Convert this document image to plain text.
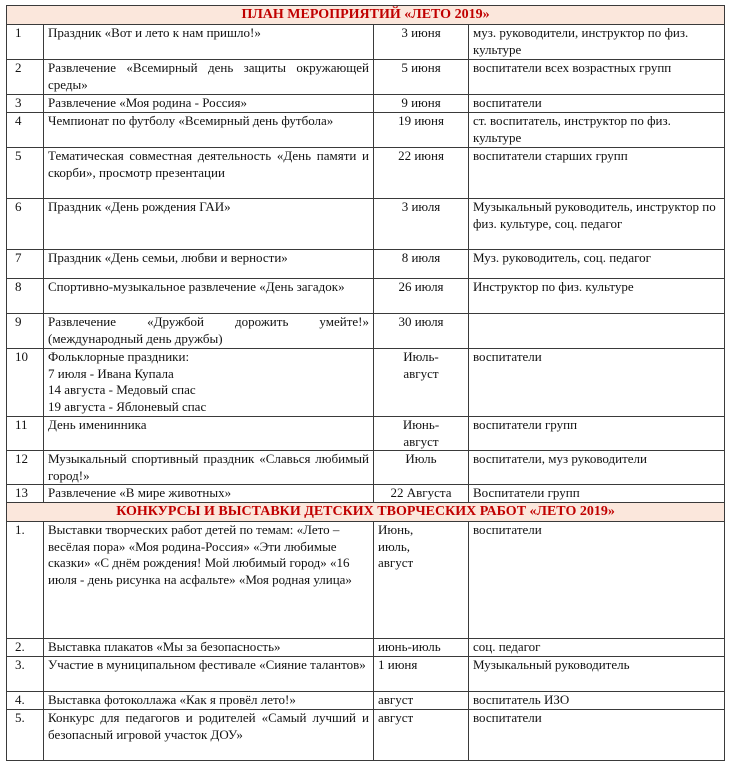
ПЛАН МЕРОПРИЯТИЙ «ЛЕТО 2019»			
1	Праздник «Вот и лето к нам пришло!»	3 июня	муз. руководители, инструктор по физ. культуре
2	Развлечение «Всемирный день защиты окружающей среды»	5 июня	воспитатели всех возрастных групп
3	Развлечение «Моя родина - Россия»	9 июня	воспитатели
4	Чемпионат по футболу «Всемирный день футбола»	19 июня	ст. воспитатель, инструктор по физ. культуре
5	Тематическая совместная деятельность «День памяти и скорби», просмотр презентации	22 июня	воспитатели старших групп
6	Праздник «День рождения ГАИ»	3 июля	Музыкальный руководитель, инструктор по физ. культуре, соц. педагог
7	Праздник «День семьи, любви и верности»	8 июля	Муз. руководитель, соц. педагог
8	Спортивно-музыкальное развлечение «День загадок»	26 июля	Инструктор по физ. культуре
9	Развлечение «Дружбой дорожить умейте!» (международный день дружбы)	30 июля	
10	Фольклорные праздники:
7 июля - Ивана Купала
14 августа - Медовый спас
19 августа - Яблоневый спас	Июль-август	воспитатели
11	День именинника	Июнь-август	воспитатели групп
12	Музыкальный спортивный праздник «Славься любимый город!»	Июль	воспитатели, муз руководители
13	Развлечение «В мире животных»	22 Августа	Воспитатели групп
КОНКУРСЫ И ВЫСТАВКИ ДЕТСКИХ ТВОРЧЕСКИХ РАБОТ «ЛЕТО 2019»			
1.	Выставки творческих работ детей по темам: «Лето – весёлая пора» «Моя родина-Россия» «Эти любимые сказки» «С днём рождения! Мой любимый город» «16 июля - день рисунка на асфальте» «Моя родная улица»	Июнь, июль, август	воспитатели
2.	Выставка плакатов «Мы за безопасность»	июнь-июль	соц. педагог
3.	Участие в муниципальном фестивале «Сияние талантов»	1 июня	Музыкальный руководитель
4.	Выставка фотоколлажа «Как я провёл лето!»	август	воспитатель ИЗО
5.	Конкурс для педагогов и родителей «Самый лучший и безопасный игровой участок ДОУ»	август	воспитатели
